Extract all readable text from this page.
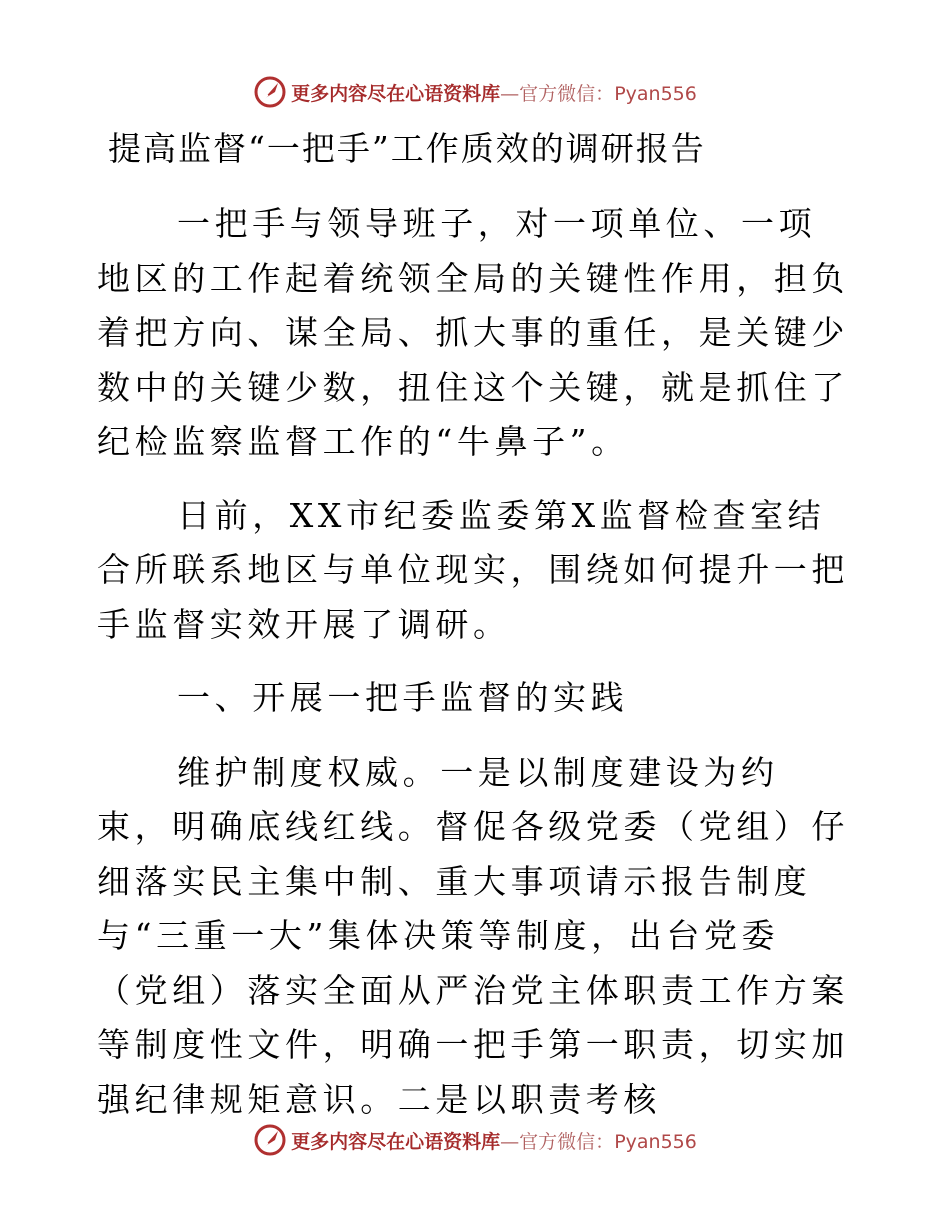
更多内容尽在心语资料库—官方微信：Pyan556
提高监督“一把手”工作质效的调研报告

一把手与领导班子，对一项单位、一项地区的工作起着统领全局的关键性作用，担负着把方向、谋全局、抓大事的重任，是关键少数中的关键少数，扭住这个关键，就是抓住了纪检监察监督工作的“牛鼻子”。

日前，XX市纪委监委第X监督检查室结合所联系地区与单位现实，围绕如何提升一把手监督实效开展了调研。

一、开展一把手监督的实践

维护制度权威。一是以制度建设为约束，明确底线红线。督促各级党委（党组）仔细落实民主集中制、重大事项请示报告制度与“三重一大”集体决策等制度，出台党委（党组）落实全面从严治党主体职责工作方案等制度性文件，明确一把手第一职责，切实加强纪律规矩意识。二是以职责考核

更多内容尽在心语资料库—官方微信：Pyan556
